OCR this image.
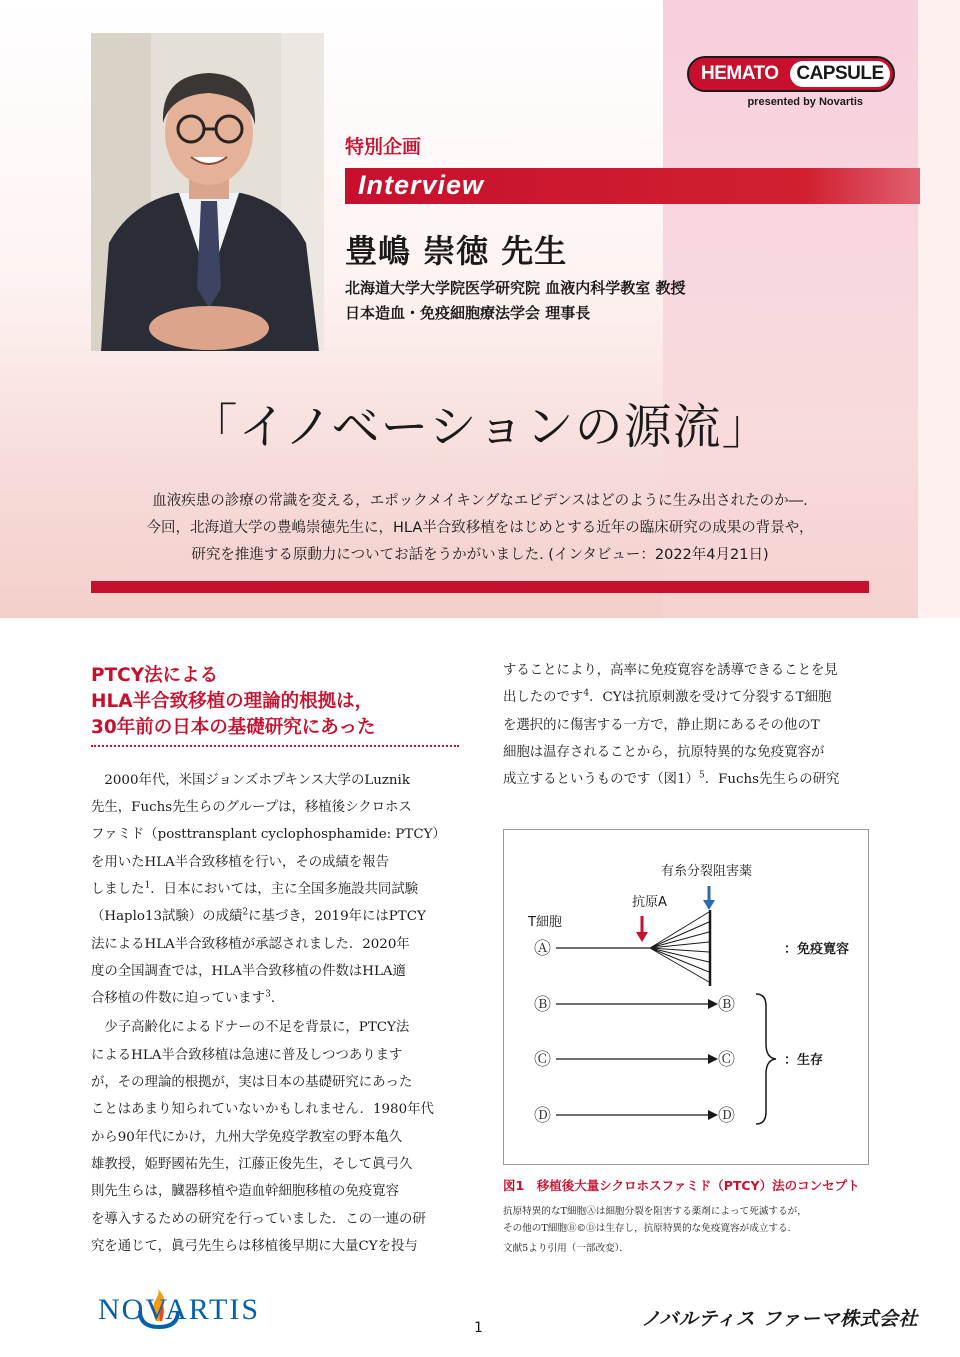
HEMATO CAPSULE
presented by Novartis
特別企画
Interview
豊嶋 崇徳 先生
北海道大学大学院医学研究院 血液内科学教室 教授
日本造血・免疫細胞療法学会 理事長
「イノベーションの源流」
血液疾患の診療の常識を変える，エポックメイキングなエビデンスはどのように生み出されたのか―.
今回，北海道大学の豊嶋崇徳先生に，HLA半合致移植をはじめとする近年の臨床研究の成果の背景や，
研究を推進する原動力についてお話をうかがいました. (インタビュー：2022年4月21日)
PTCY法による
HLA半合致移植の理論的根拠は，
30年前の日本の基礎研究にあった
　2000年代，米国ジョンズホプキンス大学のLuznik
先生，Fuchs先生らのグループは，移植後シクロホス
ファミド（posttransplant cyclophosphamide: PTCY）
を用いたHLA半合致移植を行い，その成績を報告
しました$^1$．日本においては，主に全国多施設共同試験
（Haplo13試験）の成績$^2$に基づき，2019年にはPTCY
法によるHLA半合致移植が承認されました．2020年
度の全国調査では，HLA半合致移植の件数はHLA適
合移植の件数に迫っています$^3$．
　少子高齢化によるドナーの不足を背景に，PTCY法
によるHLA半合致移植は急速に普及しつつあります
が，その理論的根拠が，実は日本の基礎研究にあった
ことはあまり知られていないかもしれません．1980年代
から90年代にかけ，九州大学免疫学教室の野本亀久
雄教授，姫野國祐先生，江藤正俊先生，そして眞弓久
則先生らは，臓器移植や造血幹細胞移植の免疫寛容
を導入するための研究を行っていました．この一連の研
究を通じて，眞弓先生らは移植後早期に大量CYを投与
することにより，高率に免疫寛容を誘導できることを見
出したのです$^4$．CYは抗原刺激を受けて分裂するT細胞
を選択的に傷害する一方で，静止期にあるその他のT
細胞は温存されることから，抗原特異的な免疫寛容が
成立するというものです（図1）$^5$．Fuchs先生らの研究
有糸分裂阻害薬
抗原A
T細胞
Ⓐ	：免疫寛容
Ⓑ	Ⓑ
Ⓒ	Ⓒ
Ⓓ	Ⓓ
：生存
図1　移植後大量シクロホスファミド（PTCY）法のコンセプト
抗原特異的なT細胞Ⓐは細胞分裂を阻害する薬剤によって死滅するが，
その他のT細胞Ⓑ©Ⓓは生存し，抗原特異的な免疫寛容が成立する．
文献5より引用（一部改変）．
NOVARTIS
1	ノバルティス ファーマ株式会社
